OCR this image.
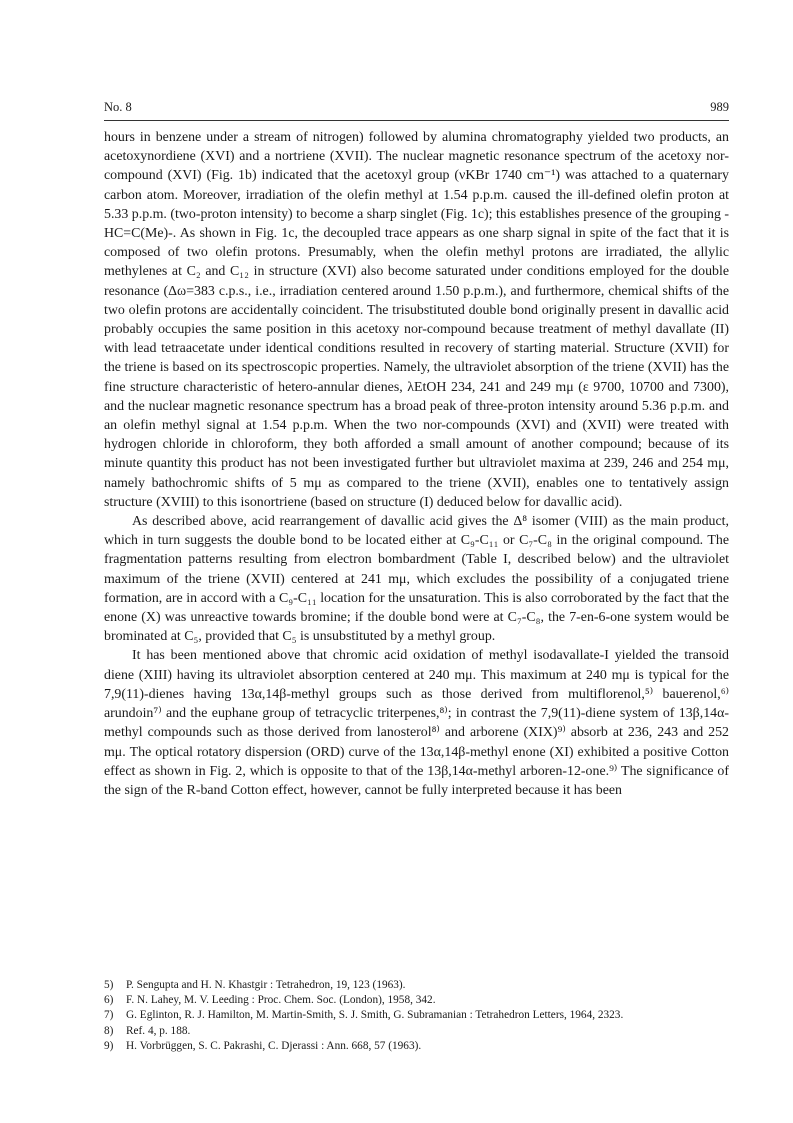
No. 8	989

hours in benzene under a stream of nitrogen) followed by alumina chromatography yielded two products, an acetoxynordiene (XVI) and a nortriene (XVII). The nuclear magnetic resonance spectrum of the acetoxy nor-compound (XVI) (Fig. 1b) indicated that the acetoxyl group (νKBr 1740 cm⁻¹) was attached to a quaternary carbon atom. Moreover, irradiation of the olefin methyl at 1.54 p.p.m. caused the ill-defined olefin proton at 5.33 p.p.m. (two-proton intensity) to become a sharp singlet (Fig. 1c); this establishes presence of the grouping -HC=C(Me)-. As shown in Fig. 1c, the decoupled trace appears as one sharp signal in spite of the fact that it is composed of two olefin protons. Presumably, when the olefin methyl protons are irradiated, the allylic methylenes at C₂ and C₁₂ in structure (XVI) also become saturated under conditions employed for the double resonance (Δω=383 c.p.s., i.e., irradiation centered around 1.50 p.p.m.), and furthermore, chemical shifts of the two olefin protons are accidentally coincident. The trisubstituted double bond originally present in davallic acid probably occupies the same position in this acetoxy nor-compound because treatment of methyl davallate (II) with lead tetraacetate under identical conditions resulted in recovery of starting material. Structure (XVII) for the triene is based on its spectroscopic properties. Namely, the ultraviolet absorption of the triene (XVII) has the fine structure characteristic of hetero-annular dienes, λEtOH 234, 241 and 249 mμ (ε 9700, 10700 and 7300), and the nuclear magnetic resonance spectrum has a broad peak of three-proton intensity around 5.36 p.p.m. and an olefin methyl signal at 1.54 p.p.m. When the two nor-compounds (XVI) and (XVII) were treated with hydrogen chloride in chloroform, they both afforded a small amount of another compound; because of its minute quantity this product has not been investigated further but ultraviolet maxima at 239, 246 and 254 mμ, namely bathochromic shifts of 5 mμ as compared to the triene (XVII), enables one to tentatively assign structure (XVIII) to this isonortriene (based on structure (I) deduced below for davallic acid).

As described above, acid rearrangement of davallic acid gives the Δ⁸ isomer (VIII) as the main product, which in turn suggests the double bond to be located either at C₉-C₁₁ or C₇-C₈ in the original compound. The fragmentation patterns resulting from electron bombardment (Table I, described below) and the ultraviolet maximum of the triene (XVII) centered at 241 mμ, which excludes the possibility of a conjugated triene formation, are in accord with a C₉-C₁₁ location for the unsaturation. This is also corroborated by the fact that the enone (X) was unreactive towards bromine; if the double bond were at C₇-C₈, the 7-en-6-one system would be brominated at C₅, provided that C₅ is unsubstituted by a methyl group.

It has been mentioned above that chromic acid oxidation of methyl isodavallate-I yielded the transoid diene (XIII) having its ultraviolet absorption centered at 240 mμ. This maximum at 240 mμ is typical for the 7,9(11)-dienes having 13α,14β-methyl groups such as those derived from multiflorenol,⁵⁾ bauerenol,⁶⁾ arundoin⁷⁾ and the euphane group of tetracyclic triterpenes,⁸⁾; in contrast the 7,9(11)-diene system of 13β,14α-methyl compounds such as those derived from lanosterol⁸⁾ and arborene (XIX)⁹⁾ absorb at 236, 243 and 252 mμ. The optical rotatory dispersion (ORD) curve of the 13α,14β-methyl enone (XI) exhibited a positive Cotton effect as shown in Fig. 2, which is opposite to that of the 13β,14α-methyl arboren-12-one.⁹⁾ The significance of the sign of the R-band Cotton effect, however, cannot be fully interpreted because it has been

5)	P. Sengupta and H. N. Khastgir : Tetrahedron, 19, 123 (1963).
6)	F. N. Lahey, M. V. Leeding : Proc. Chem. Soc. (London), 1958, 342.
7)	G. Eglinton, R. J. Hamilton, M. Martin-Smith, S. J. Smith, G. Subramanian : Tetrahedron Letters, 1964, 2323.
8)	Ref. 4, p. 188.
9)	H. Vorbrüggen, S. C. Pakrashi, C. Djerassi : Ann. 668, 57 (1963).
